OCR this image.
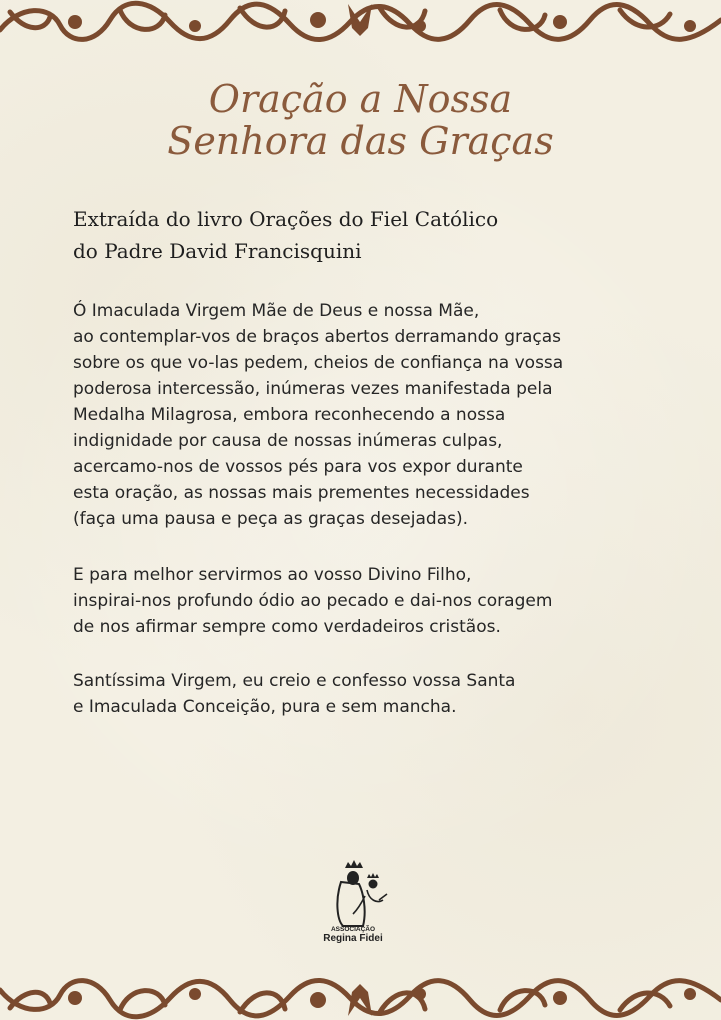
Oração a Nossa
Senhora das Graças
Extraída do livro Orações do Fiel Católico
do Padre David Francisquini
Ó Imaculada Virgem Mãe de Deus e nossa Mãe,
ao contemplar-vos de braços abertos derramando graças
sobre os que vo-las pedem, cheios de confiança na vossa
poderosa intercessão, inúmeras vezes manifestada pela
Medalha Milagrosa, embora reconhecendo a nossa
indignidade por causa de nossas inúmeras culpas,
acercamo-nos de vossos pés para vos expor durante
esta oração, as nossas mais prementes necessidades
(faça uma pausa e peça as graças desejadas).
E para melhor servirmos ao vosso Divino Filho,
inspirai-nos profundo ódio ao pecado e dai-nos coragem
de nos afirmar sempre como verdadeiros cristãos.
Santíssima Virgem, eu creio e confesso vossa Santa
e Imaculada Conceição, pura e sem mancha.
ASSOCIAÇÃO
Regina Fidei
